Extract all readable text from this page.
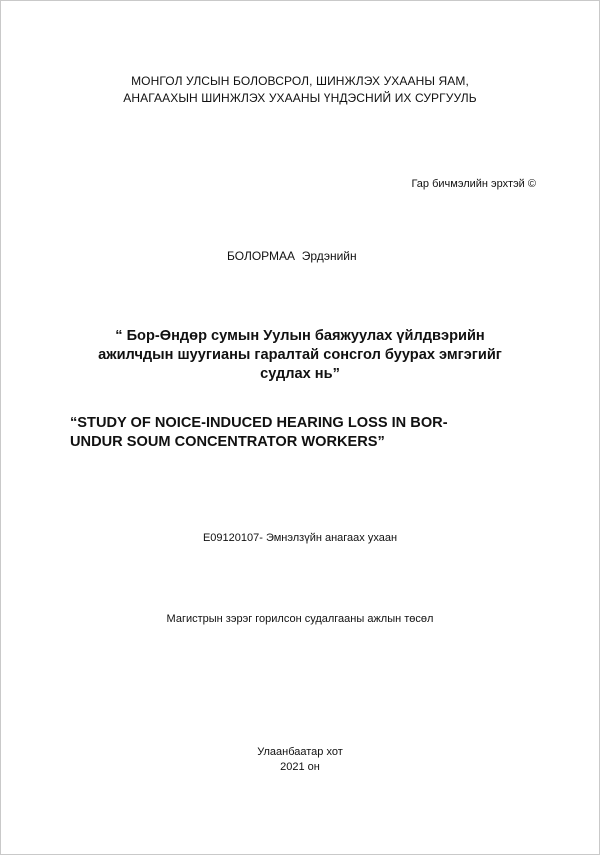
МОНГОЛ УЛСЫН БОЛОВСРОЛ, ШИНЖЛЭХ УХААНЫ ЯАМ,
АНАГААХЫН ШИНЖЛЭХ УХААНЫ ҮНДЭСНИЙ ИХ СУРГУУЛЬ
Гар бичмэлийн эрхтэй ©
БОЛОРМАА  Эрдэнийн
“ Бор-Өндөр сумын Уулын баяжуулах үйлдвэрийн
ажилчдын шуугианы гаралтай сонсгол буурах эмгэгийг
судлах нь”
“STUDY OF NOICE-INDUCED HEARING LOSS IN BOR-
UNDUR SOUM CONCENTRATOR WORKERS”
E09120107- Эмнэлзүйн анагаах ухаан
Магистрын зэрэг горилсон судалгааны ажлын төсөл
Улаанбаатар хот
2021 он
